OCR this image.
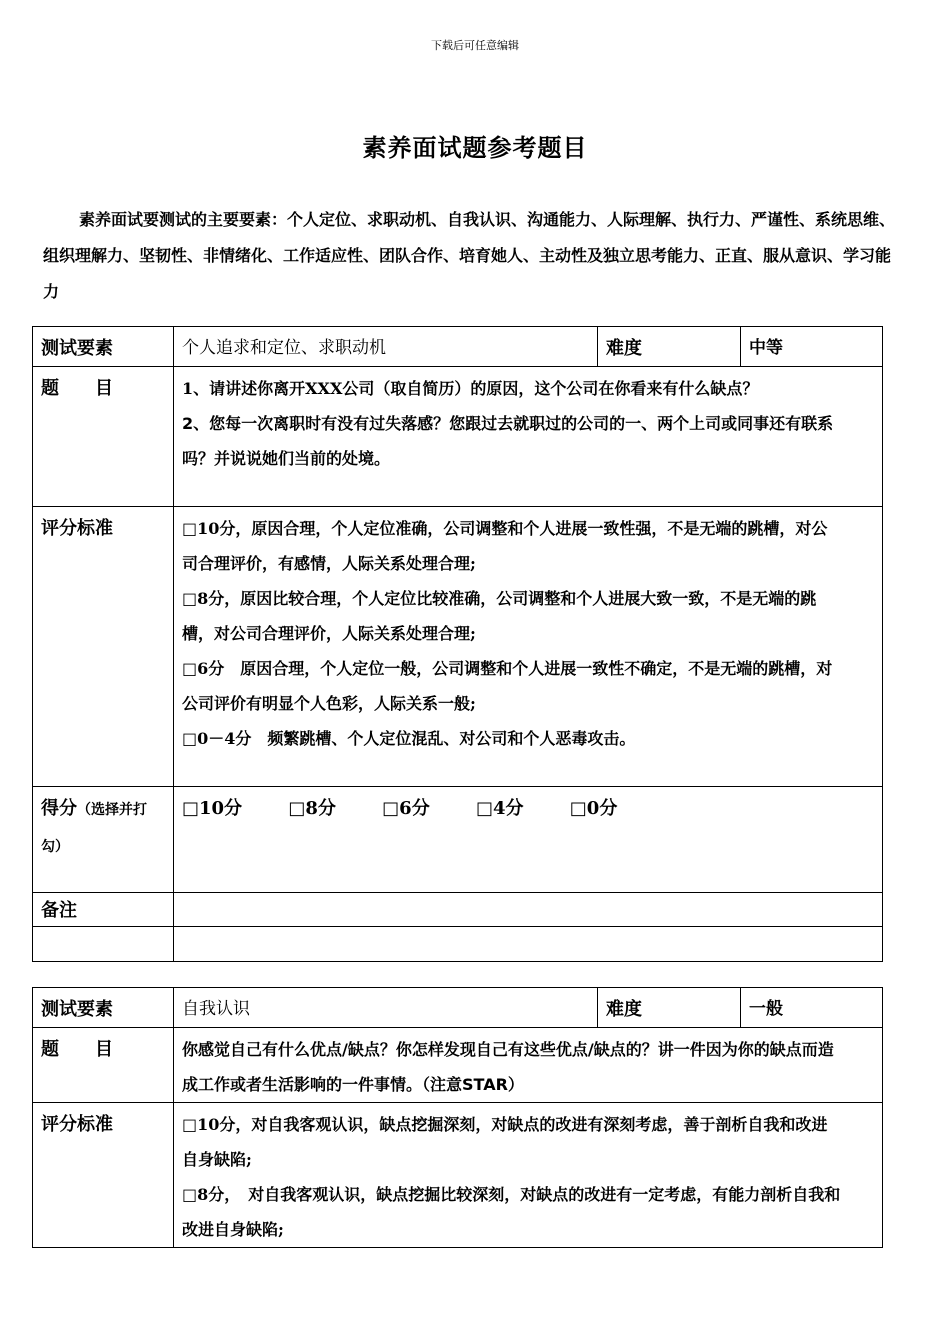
下载后可任意编辑
素养面试题参考题目
素养面试要测试的主要要素：个人定位、求职动机、自我认识、沟通能力、人际理解、执行力、严谨性、系统思维、组织理解力、坚韧性、非情绪化、工作适应性、团队合作、培育她人、主动性及独立思考能力、正直、服从意识、学习能力
测试要素	个人追求和定位、求职动机	难度	中等
题　　目	1、请讲述你离开XXX公司（取自简历）的原因，这个公司在你看来有什么缺点？
2、您每一次离职时有没有过失落感？您跟过去就职过的公司的一、两个上司或同事还有联系吗？并说说她们当前的处境。		

评分标准	□10分，原因合理，个人定位准确，公司调整和个人进展一致性强，不是无端的跳槽，对公司合理评价，有感情，人际关系处理合理;
□8分，原因比较合理，个人定位比较准确，公司调整和个人进展大致一致，不是无端的跳槽，对公司合理评价，人际关系处理合理;
□6分　原因合理，个人定位一般，公司调整和个人进展一致性不确定，不是无端的跳槽，对公司评价有明显个人色彩，人际关系一般;
□0－4分　频繁跳槽、个人定位混乱、对公司和个人恶毒攻击。		

得分（选择并打勾）	□10分 □8分 □6分 □4分 □0分		
备注			

测试要素	自我认识	难度	一般
题　　目	你感觉自己有什么优点/缺点？你怎样发现自己有这些优点/缺点的？讲一件因为你的缺点而造成工作或者生活影响的一件事情。（注意STAR）		
评分标准	□10分，对自我客观认识，缺点挖掘深刻，对缺点的改进有深刻考虑，善于剖析自我和改进自身缺陷;
□8分，　对自我客观认识，缺点挖掘比较深刻，对缺点的改进有一定考虑，有能力剖析自我和改进自身缺陷;		
